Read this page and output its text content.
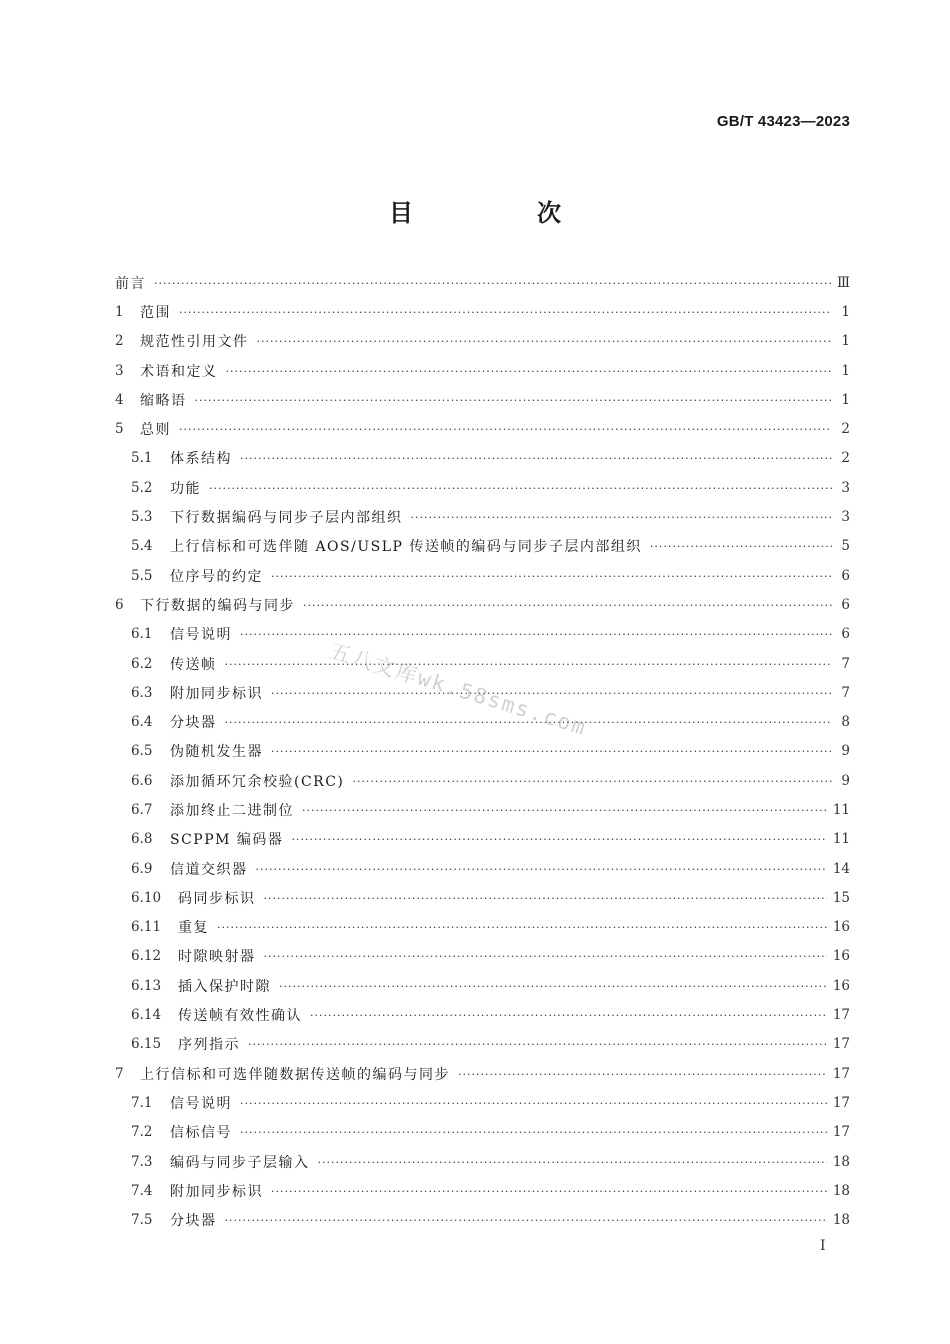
GB/T 43423—2023
目　次
前言 ·····	Ⅲ
1	范围 ·····	1
2	规范性引用文件 ·····	1
3	术语和定义 ·····	1
4	缩略语 ·····	1
5	总则 ·····	2
5.1	体系结构 ·····	2
5.2	功能 ·····	3
5.3	下行数据编码与同步子层内部组织 ·····	3
5.4	上行信标和可选伴随 AOS/USLP 传送帧的编码与同步子层内部组织 ·····	5
5.5	位序号的约定 ·····	6
6	下行数据的编码与同步 ·····	6
6.1	信号说明 ·····	6
6.2	传送帧 ·····	7
6.3	附加同步标识 ·····	7
6.4	分块器 ·····	8
6.5	伪随机发生器 ·····	9
6.6	添加循环冗余校验(CRC) ·····	9
6.7	添加终止二进制位 ·····	11
6.8	SCPPM 编码器 ·····	11
6.9	信道交织器 ·····	14
6.10	码同步标识 ·····	15
6.11	重复 ·····	16
6.12	时隙映射器 ·····	16
6.13	插入保护时隙 ·····	16
6.14	传送帧有效性确认 ·····	17
6.15	序列指示 ·····	17
7	上行信标和可选伴随数据传送帧的编码与同步 ·····	17
7.1	信号说明 ·····	17
7.2	信标信号 ·····	17
7.3	编码与同步子层输入 ·····	18
7.4	附加同步标识 ·····	18
7.5	分块器 ·····	18
五八文库wk.58sms.com
I
